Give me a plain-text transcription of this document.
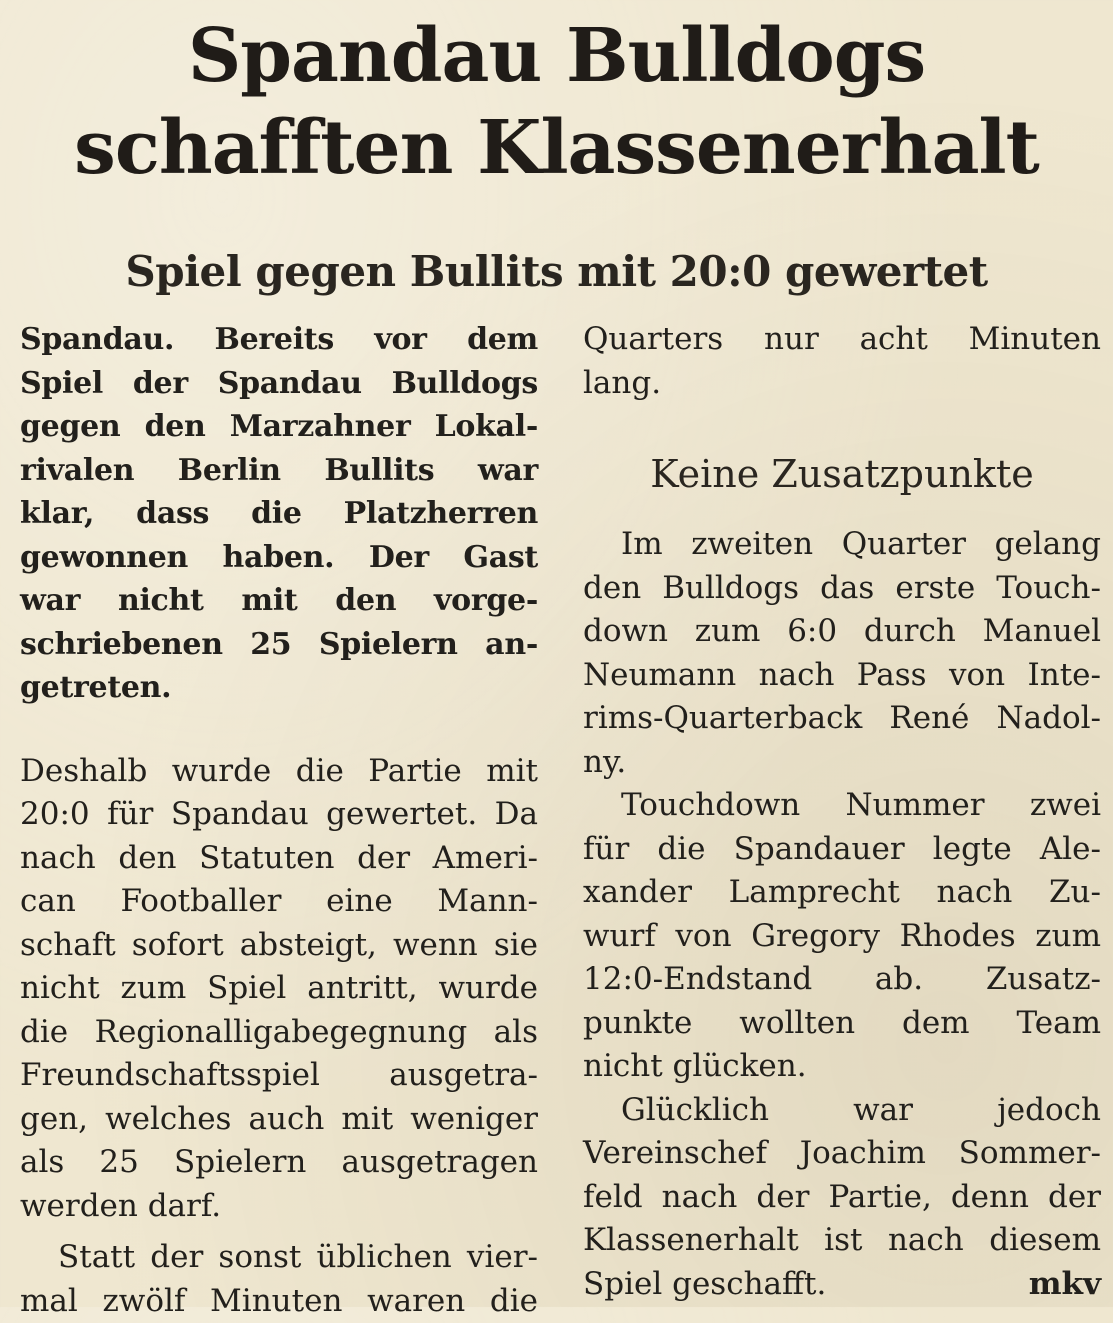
Spandau Bulldogs
schafften Klassenerhalt
Spiel gegen Bullits mit 20:0 gewertet
Spandau. Bereits vor dem
Spiel der Spandau Bulldogs
gegen den Marzahner Lokal-
rivalen Berlin Bullits war
klar, dass die Platzherren
gewonnen haben. Der Gast
war nicht mit den vorge-
schriebenen 25 Spielern an-
getreten.
Deshalb wurde die Partie mit
20:0 für Spandau gewertet. Da
nach den Statuten der Ameri-
can Footballer eine Mann-
schaft sofort absteigt, wenn sie
nicht zum Spiel antritt, wurde
die Regionalligabegegnung als
Freundschaftsspiel ausgetra-
gen, welches auch mit weniger
als 25 Spielern ausgetragen
werden darf.
Statt der sonst üblichen vier-
mal zwölf Minuten waren die
Quarters nur acht Minuten
lang.
Keine Zusatzpunkte
Im zweiten Quarter gelang
den Bulldogs das erste Touch-
down zum 6:0 durch Manuel
Neumann nach Pass von Inte-
rims-Quarterback René Nadol-
ny.
Touchdown Nummer zwei
für die Spandauer legte Ale-
xander Lamprecht nach Zu-
wurf von Gregory Rhodes zum
12:0-Endstand ab. Zusatz-
punkte wollten dem Team
nicht glücken.
Glücklich war jedoch
Vereinschef Joachim Sommer-
feld nach der Partie, denn der
Klassenerhalt ist nach diesem
Spiel geschafft.	mkv
